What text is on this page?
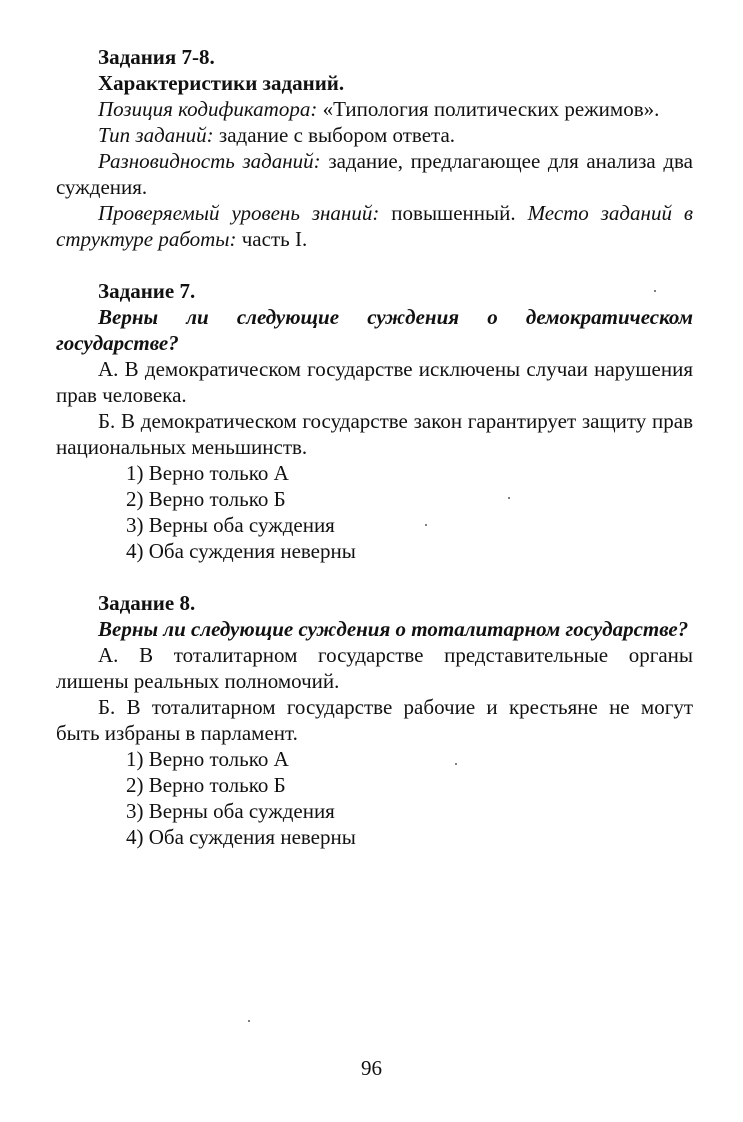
Задания 7-8.
Характеристики заданий.
Позиция кодификатора: «Типология политических режимов».
Тип заданий: задание с выбором ответа.
Разновидность заданий: задание, предлагающее для анализа два суждения.
Проверяемый уровень знаний: повышенный. Место заданий в структуре работы: часть I.
Задание 7.
Верны ли следующие суждения о демократическом государстве?
А. В демократическом государстве исключены случаи нарушения прав человека.
Б. В демократическом государстве закон гарантирует защиту прав национальных меньшинств.
1) Верно только А
2) Верно только Б
3) Верны оба суждения
4) Оба суждения неверны
Задание 8.
Верны ли следующие суждения о тоталитарном государстве?
А. В тоталитарном государстве представительные органы лишены реальных полномочий.
Б. В тоталитарном государстве рабочие и крестьяне не могут быть избраны в парламент.
1) Верно только А
2) Верно только Б
3) Верны оба суждения
4) Оба суждения неверны
96
